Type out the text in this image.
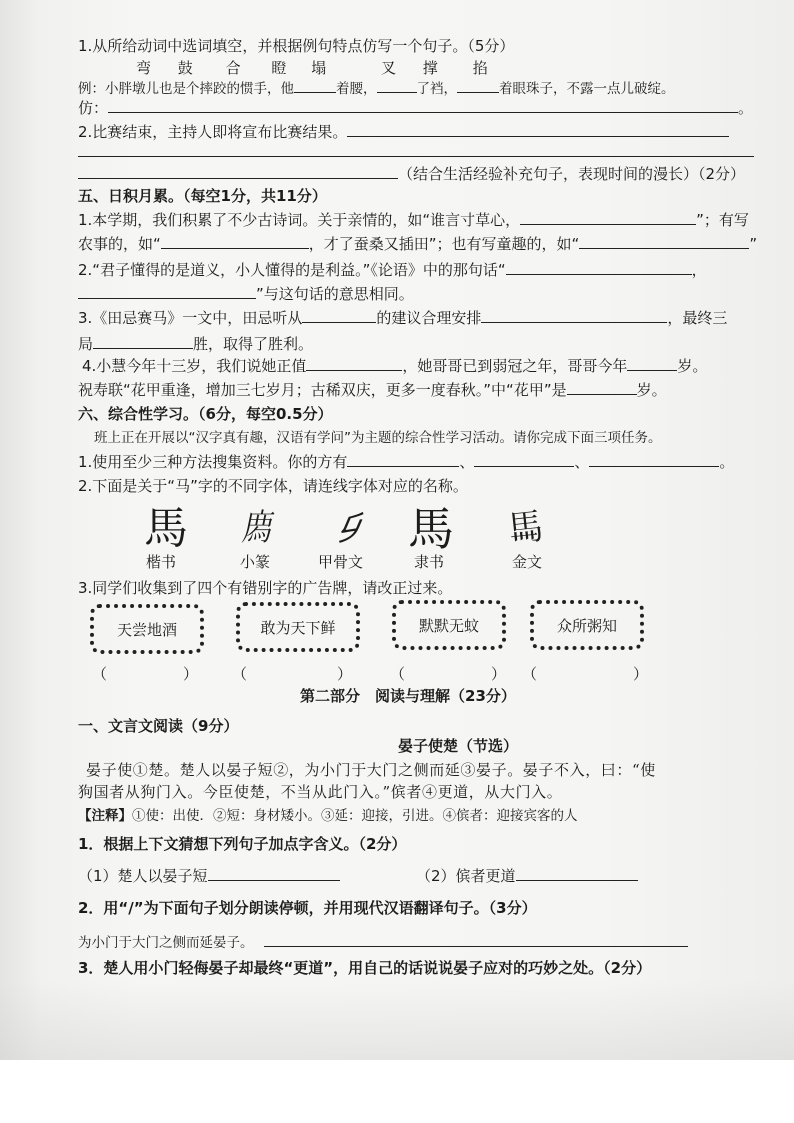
1.从所给动词中选词填空，并根据例句特点仿写一个句子。（5分）
弯 鼓 合 瞪 塌	叉 撑 掐
例：小胖墩儿也是个摔跤的惯手，他	着腰，	了裆，	着眼珠子，不露一点儿破绽。
仿：	。
2.比赛结束，主持人即将宣布比赛结果。
（结合生活经验补充句子，表现时间的漫长）（2分）
五、日积月累。（每空1分，共11分）
1.本学期，我们积累了不少古诗词。关于亲情的，如“谁言寸草心，	”；有写
农事的，如“	，才了蚕桑又插田”；也有写童趣的，如“	”
2.“君子懂得的是道义，小人懂得的是利益。”《论语》中的那句话“	，
”与这句话的意思相同。
3.《田忌赛马》一文中，田忌听从	的建议合理安排	，最终三
局	胜，取得了胜利。
4.小慧今年十三岁，我们说她正值	，她哥哥已到弱冠之年，哥哥今年	岁。
祝寿联“花甲重逢，增加三七岁月；古稀双庆，更多一度春秋。”中“花甲”是	岁。
六、综合性学习。（6分，每空0.5分）
班上正在开展以“汉字真有趣，汉语有学问”为主题的综合性学习活动。请你完成下面三项任务。
1.使用至少三种方法搜集资料。你的方有	、	、	。
2.下面是关于“马”字的不同字体，请连线字体对应的名称。
馬 𢊁	𠂎 馬	𩡧
楷书	小篆	甲骨文	隶书	金文
3.同学们收集到了四个有错别字的广告牌，请改正过来。
天尝地酒	敢为天下鲜	默默无蚊	众所粥知
（	） （	）	（	） （	）
第二部分　阅读与理解（23分）
一、文言文阅读（9分）
晏子使楚（节选）
晏子使①楚。楚人以晏子短②，为小门于大门之侧而延③晏子。晏子不入，曰：“使
狗国者从狗门入。今臣使楚，不当从此门入。”傧者④更道，从大门入。
【注释】①使：出使．②短：身材矮小。③延：迎接，引进。④傧者：迎接宾客的人
1．根据上下文猜想下列句子加点字含义。（2分）
（1）楚人以晏子短	（2）傧者更道
2．用“/”为下面句子划分朗读停顿，并用现代汉语翻译句子。（3分）
为小门于大门之侧而延晏子。
3．楚人用小门轻侮晏子却最终“更道”，用自己的话说说晏子应对的巧妙之处。（2分）
